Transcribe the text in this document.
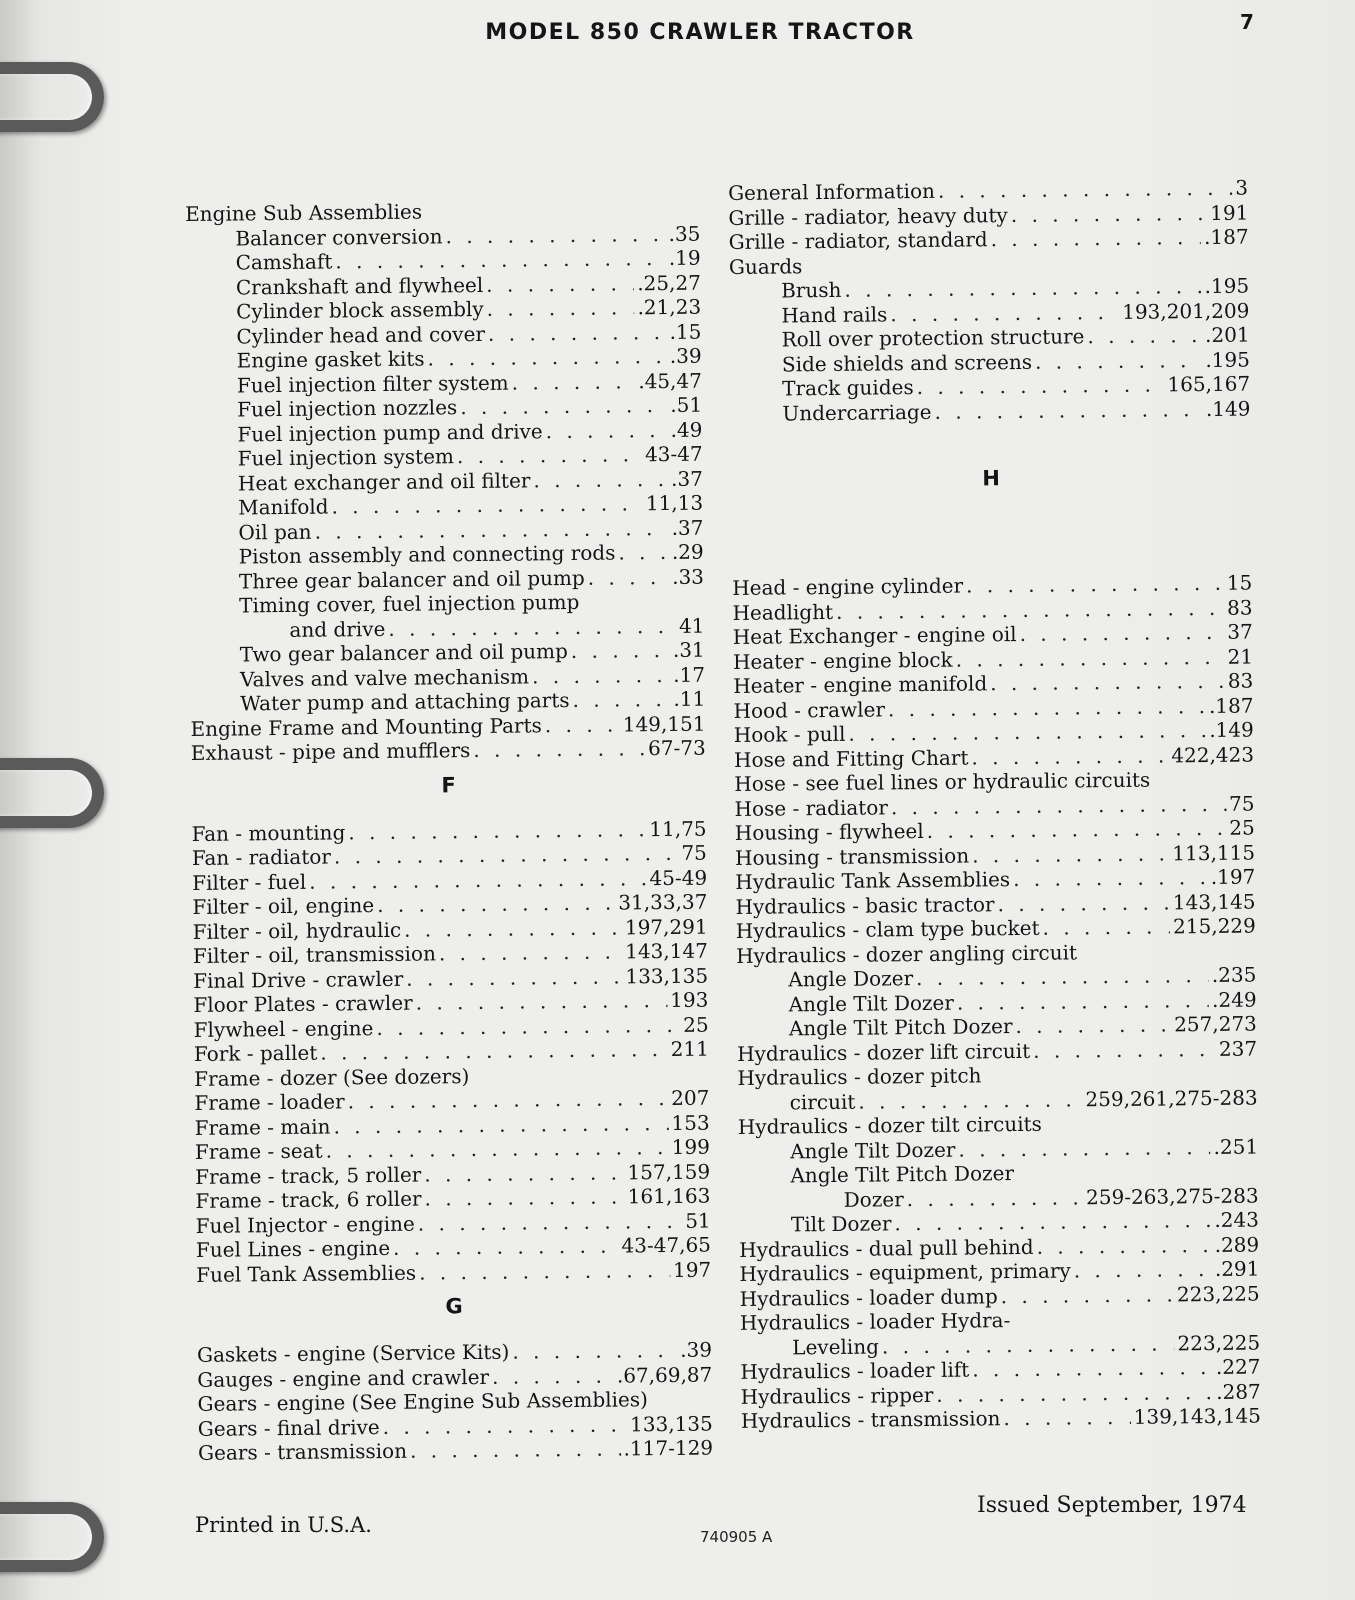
MODEL 850 CRAWLER TRACTOR	7
Engine Sub Assemblies
Balancer conversion . . .	.35
Camshaft . . .	.19
Crankshaft and flywheel . . .	.25,27
Cylinder block assembly . . .	.21,23
Cylinder head and cover . . .	.15
Engine gasket kits . . .	.39
Fuel injection filter system . . .	.45,47
Fuel injection nozzles . . .	.51
Fuel injection pump and drive . . .	.49
Fuel injection system . . .	43-47
Heat exchanger and oil filter . . .	.37
Manifold . . .	11,13
Oil pan . . .	.37
Piston assembly and connecting rods . . .	.29
Three gear balancer and oil pump . . .	.33
Timing cover, fuel injection pump
and drive . . .	41
Two gear balancer and oil pump . . .	.31
Valves and valve mechanism . . .	.17
Water pump and attaching parts . . .	.11
Engine Frame and Mounting Parts . . .	149,151
Exhaust - pipe and mufflers . . .	67-73
F
Fan - mounting . . .	11,75
Fan - radiator . . .	75
Filter - fuel . . .	45-49
Filter - oil, engine . . .	31,33,37
Filter - oil, hydraulic . . .	197,291
Filter - oil, transmission . . .	143,147
Final Drive - crawler . . .	133,135
Floor Plates - crawler . . .	193
Flywheel - engine . . .	25
Fork - pallet . . .	211
Frame - dozer (See dozers)
Frame - loader . . .	207
Frame - main . . .	153
Frame - seat . . .	199
Frame - track, 5 roller . . .	157,159
Frame - track, 6 roller . . .	161,163
Fuel Injector - engine . . .	51
Fuel Lines - engine . . .	43-47,65
Fuel Tank Assemblies . . .	197
G
Gaskets - engine (Service Kits) . . .	.39
Gauges - engine and crawler . . .	.67,69,87
Gears - engine (See Engine Sub Assemblies)
Gears - final drive . . .	133,135
Gears - transmission . . .	.117-129
General Information . . .	3
Grille - radiator, heavy duty . . .	191
Grille - radiator, standard . . .	.187
Guards
Brush . . .	.195
Hand rails . . .	193,201,209
Roll over protection structure . . .	.201
Side shields and screens . . .	.195
Track guides . . .	165,167
Undercarriage . . .	.149
H
Head - engine cylinder . . .	15
Headlight . . .	83
Heat Exchanger - engine oil . . .	37
Heater - engine block . . .	21
Heater - engine manifold . . .	83
Hood - crawler . . .	.187
Hook - pull . . .	.149
Hose and Fitting Chart . . .	422,423
Hose - see fuel lines or hydraulic circuits
Hose - radiator . . .	75
Housing - flywheel . . .	25
Housing - transmission . . .	113,115
Hydraulic Tank Assemblies . . .	.197
Hydraulics - basic tractor . . .	143,145
Hydraulics - clam type bucket . . .	215,229
Hydraulics - dozer angling circuit
Angle Dozer . . .	.235
Angle Tilt Dozer . . .	.249
Angle Tilt Pitch Dozer . . .	257,273
Hydraulics - dozer lift circuit . . .	237
Hydraulics - dozer pitch
circuit . . .	259,261,275-283
Hydraulics - dozer tilt circuits
Angle Tilt Dozer . . .	.251
Angle Tilt Pitch Dozer
Dozer . . .	259-263,275-283
Tilt Dozer . . .	.243
Hydraulics - dual pull behind . . .	.289
Hydraulics - equipment, primary . . .	.291
Hydraulics - loader dump . . .	223,225
Hydraulics - loader Hydra-
Leveling . . .	223,225
Hydraulics - loader lift . . .	.227
Hydraulics - ripper . . .	.287
Hydraulics - transmission . . .	139,143,145
Printed in U.S.A.
Issued September, 1974
740905 A
